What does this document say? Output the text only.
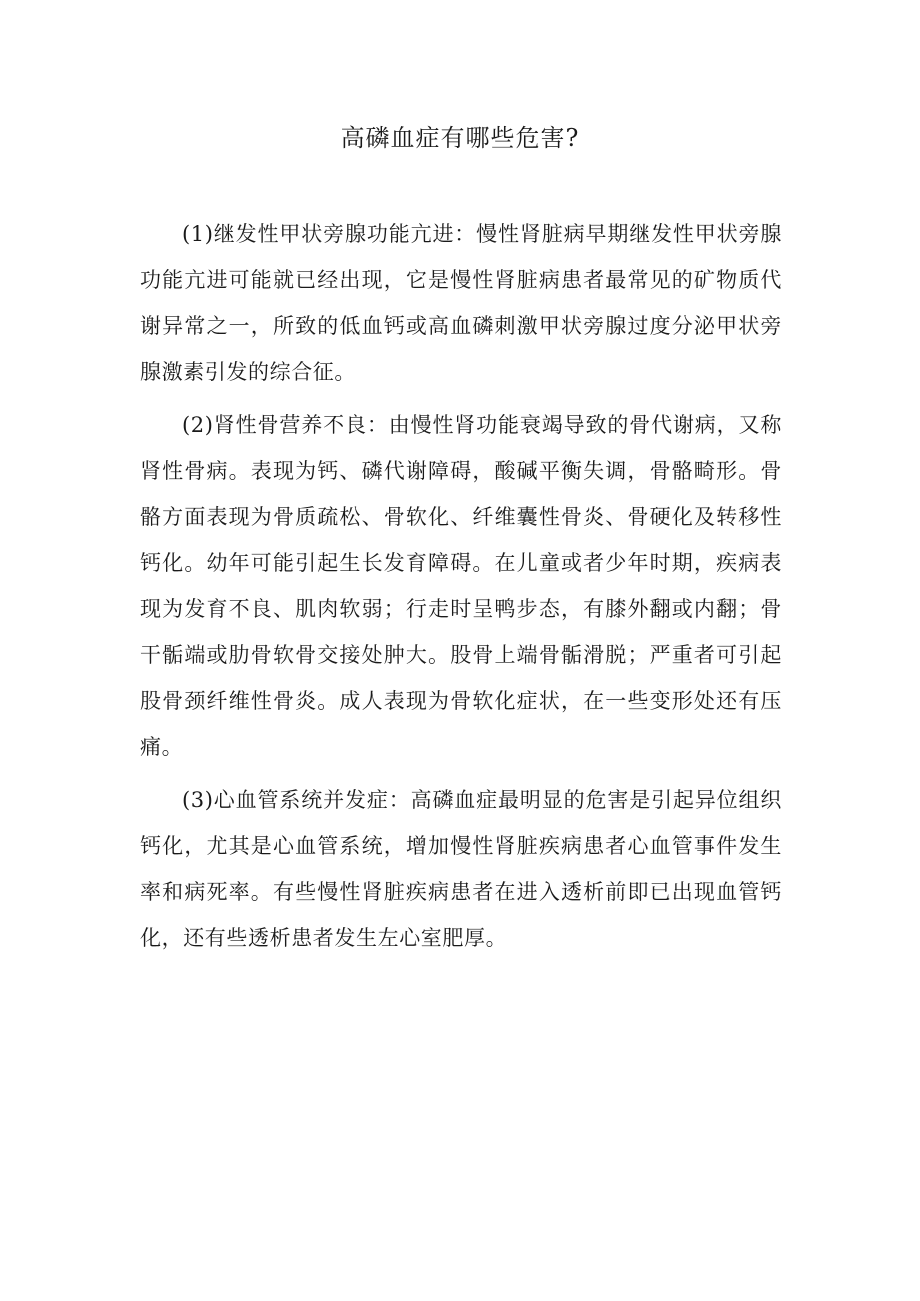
高磷血症有哪些危害?

(1)继发性甲状旁腺功能亢进：慢性肾脏病早期继发性甲状旁腺功能亢进可能就已经出现，它是慢性肾脏病患者最常见的矿物质代谢异常之一，所致的低血钙或高血磷刺激甲状旁腺过度分泌甲状旁腺激素引发的综合征。

(2)肾性骨营养不良：由慢性肾功能衰竭导致的骨代谢病，又称肾性骨病。表现为钙、磷代谢障碍，酸碱平衡失调，骨骼畸形。骨骼方面表现为骨质疏松、骨软化、纤维囊性骨炎、骨硬化及转移性钙化。幼年可能引起生长发育障碍。在儿童或者少年时期，疾病表现为发育不良、肌肉软弱；行走时呈鸭步态，有膝外翻或内翻；骨干骺端或肋骨软骨交接处肿大。股骨上端骨骺滑脱；严重者可引起股骨颈纤维性骨炎。成人表现为骨软化症状，在一些变形处还有压痛。

(3)心血管系统并发症：高磷血症最明显的危害是引起异位组织钙化，尤其是心血管系统，增加慢性肾脏疾病患者心血管事件发生率和病死率。有些慢性肾脏疾病患者在进入透析前即已出现血管钙化，还有些透析患者发生左心室肥厚。
